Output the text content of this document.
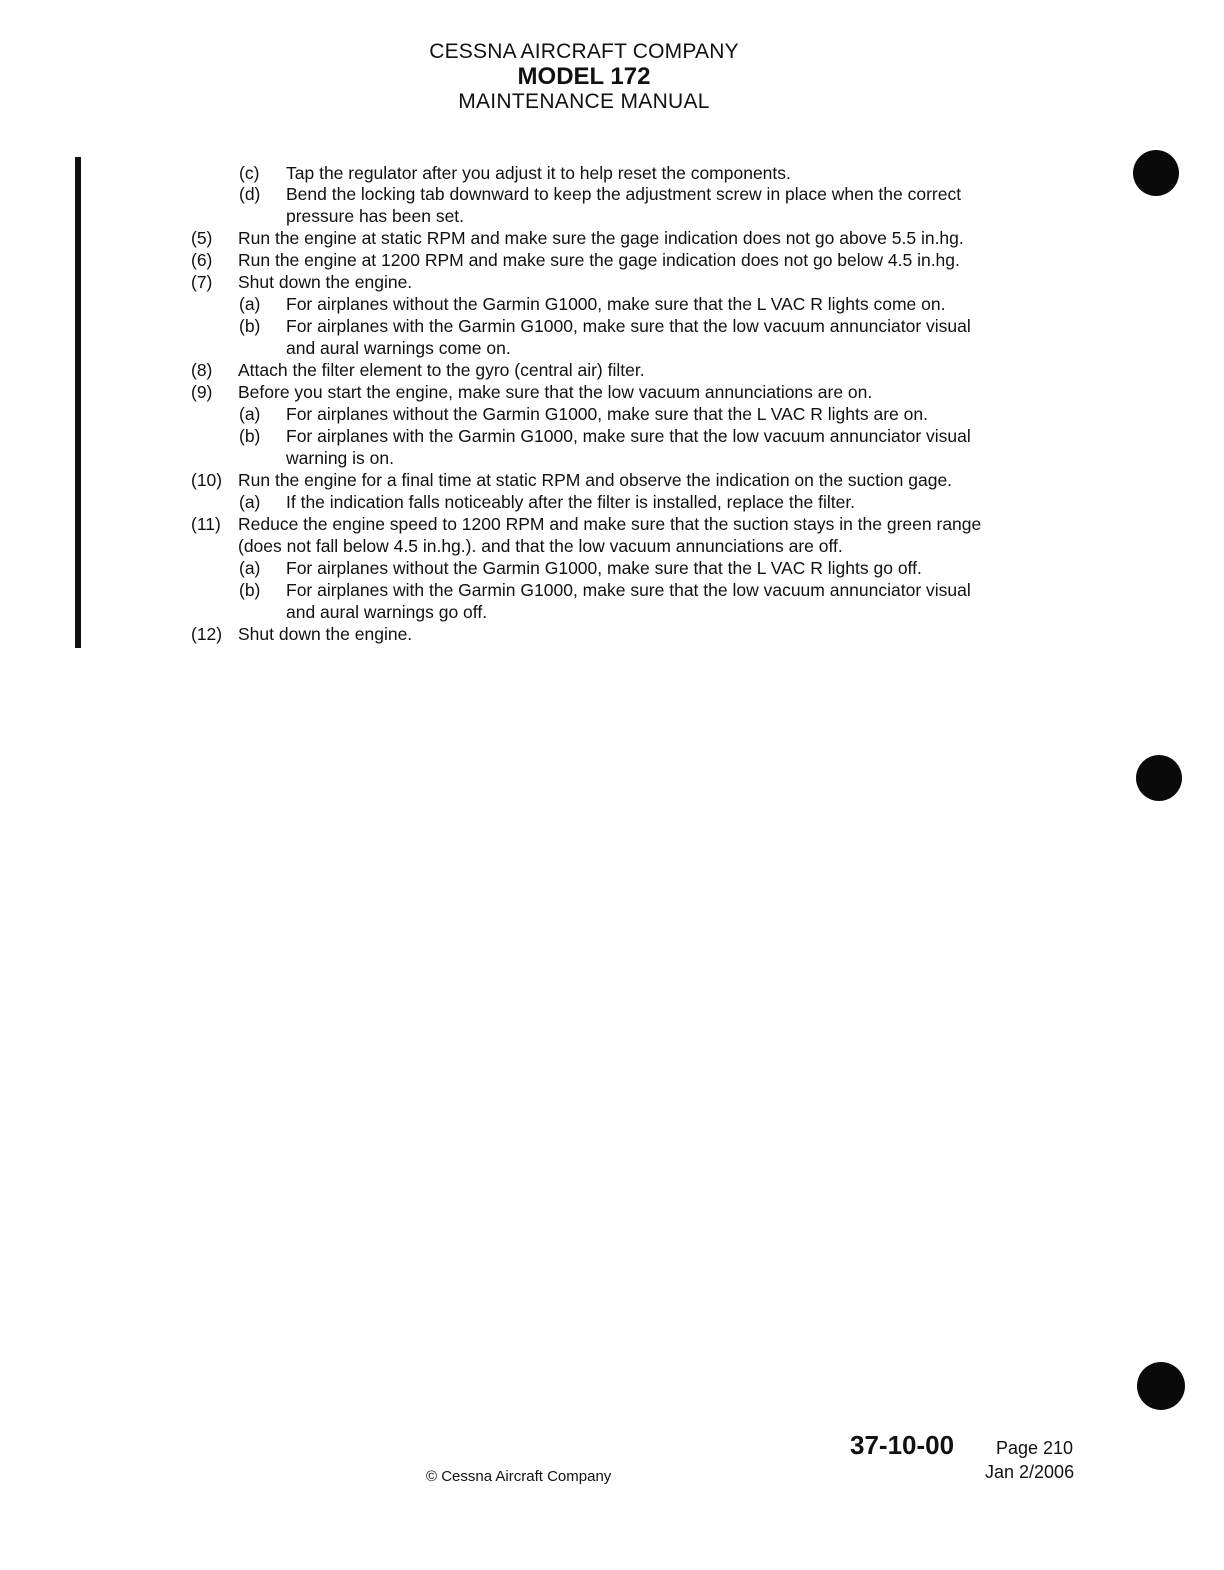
CESSNA AIRCRAFT COMPANY
MODEL 172
MAINTENANCE MANUAL
(c) Tap the regulator after you adjust it to help reset the components.
(d) Bend the locking tab downward to keep the adjustment screw in place when the correct
pressure has been set.
(5) Run the engine at static RPM and make sure the gage indication does not go above 5.5 in.hg.
(6) Run the engine at 1200 RPM and make sure the gage indication does not go below 4.5 in.hg.
(7) Shut down the engine.
(a) For airplanes without the Garmin G1000, make sure that the L VAC R lights come on.
(b) For airplanes with the Garmin G1000, make sure that the low vacuum annunciator visual
and aural warnings come on.
(8) Attach the filter element to the gyro (central air) filter.
(9) Before you start the engine, make sure that the low vacuum annunciations are on.
(a) For airplanes without the Garmin G1000, make sure that the L VAC R lights are on.
(b) For airplanes with the Garmin G1000, make sure that the low vacuum annunciator visual
warning is on.
(10) Run the engine for a final time at static RPM and observe the indication on the suction gage.
(a) If the indication falls noticeably after the filter is installed, replace the filter.
(11) Reduce the engine speed to 1200 RPM and make sure that the suction stays in the green range
(does not fall below 4.5 in.hg.). and that the low vacuum annunciations are off.
(a) For airplanes without the Garmin G1000, make sure that the L VAC R lights go off.
(b) For airplanes with the Garmin G1000, make sure that the low vacuum annunciator visual
and aural warnings go off.
(12) Shut down the engine.
37-10-00 Page 210
Jan 2/2006
© Cessna Aircraft Company
